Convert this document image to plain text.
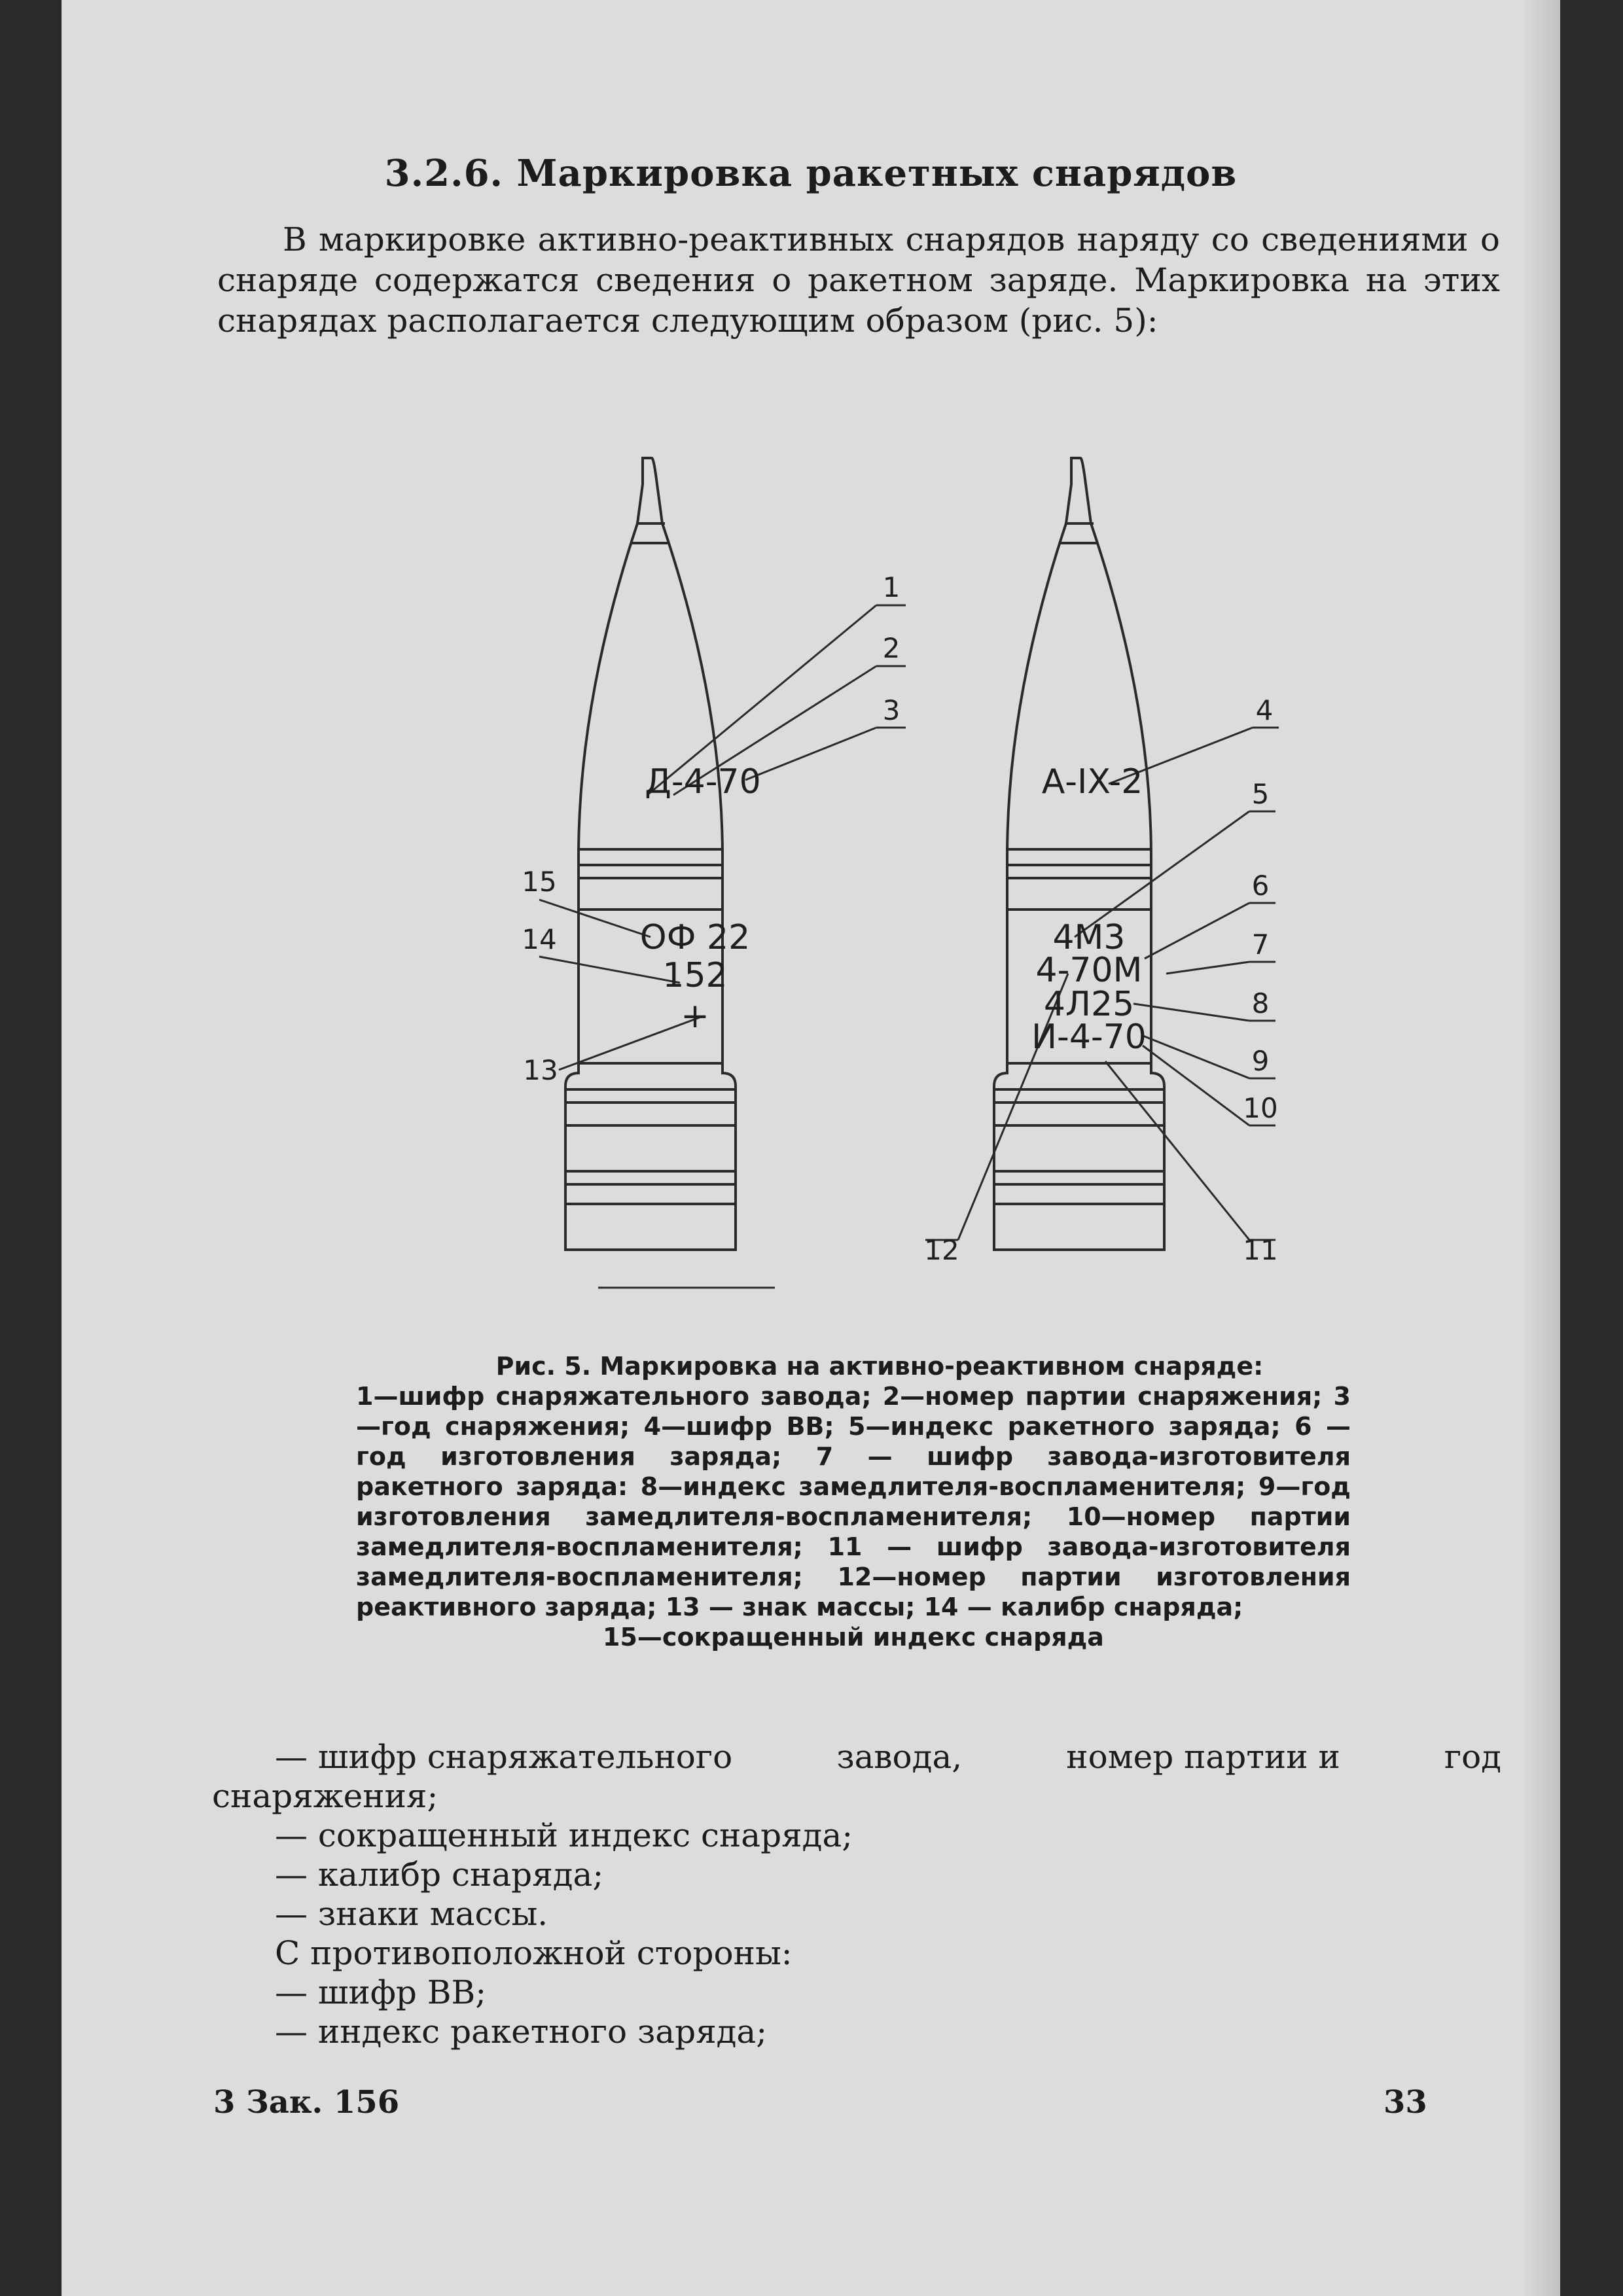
3.2.6. Маркировка ракетных снарядов

В маркировке активно-реактивных снарядов наряду со сведениями о снаряде содержатся сведения о ракетном заряде. Маркировка на этих снарядах располагается следующим образом (рис. 5):

Д-4-70
ОФ 22
152
+
А-IX-2
4М3
4-70М
4Л25
И-4-70
1
2
3
15
14
13
4
5
6
7
8
9
10
11
12

Рис. 5. Маркировка на активно-реактивном снаряде:
1—шифр снаряжательного завода; 2—номер партии снаряжения; 3—год снаряжения; 4—шифр ВВ; 5—индекс ракетного заряда; 6 — год изготовления заряда; 7 — шифр завода-изготовителя ракетного заряда: 8—индекс замедлителя-воспламенителя; 9—год изготовления замедлителя-воспламенителя; 10—номер партии замедлителя-воспламенителя; 11 — шифр завода-изготовителя замедлителя-воспламенителя; 12—номер партии изготовления реактивного заряда; 13 — знак массы; 14 — калибр снаряда;
15—сокращенный индекс снаряда

— шифр снаряжательного	завода,	номер партии и	год
снаряжения;
— сокращенный индекс снаряда;
— калибр снаряда;
— знаки массы.
С противоположной стороны:
— шифр ВВ;
— индекс ракетного заряда;
3 Зак. 156	33
